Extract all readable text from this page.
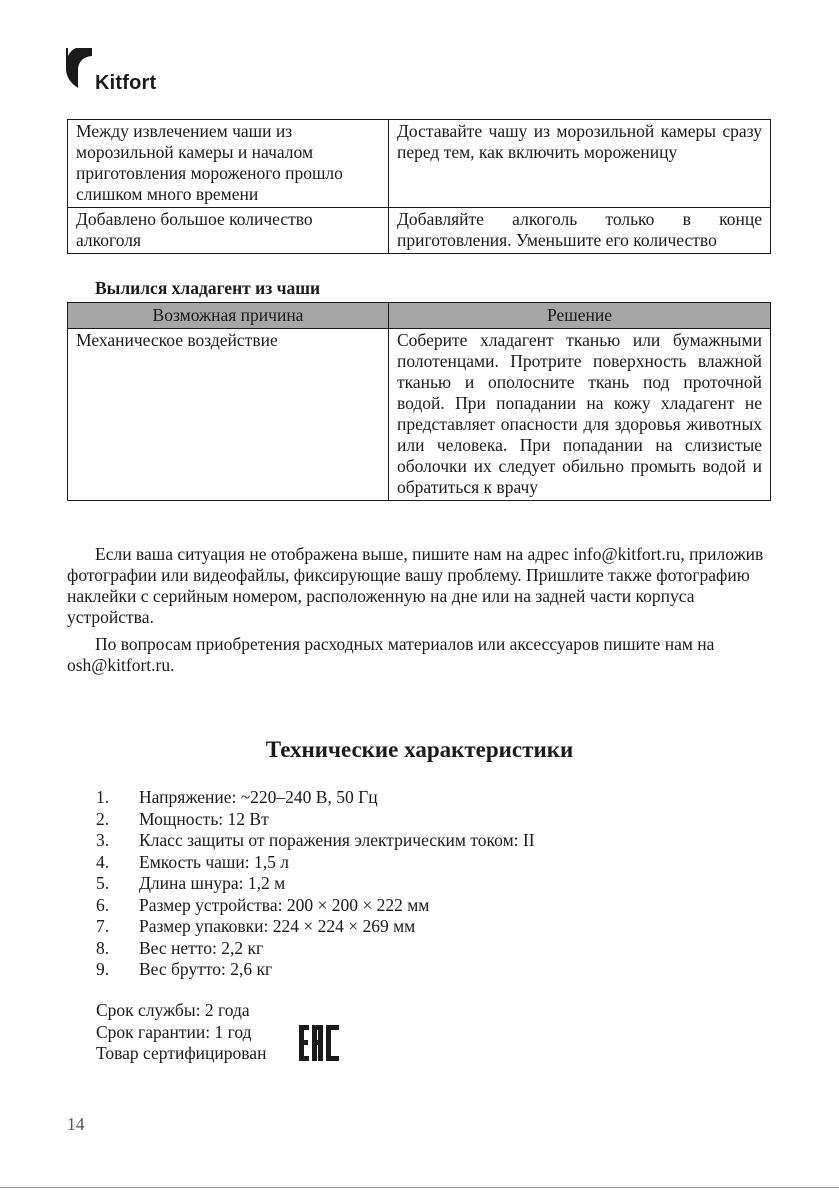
Kitfort
Между извлечением чаши из морозильной камеры и началом приготовления мороженого прошло слишком много времени	Доставайте чашу из морозильной камеры сразу перед тем, как включить мороженицу
Добавлено большое количество алкоголя	Добавляйте алкоголь только в конце приготовления. Уменьшите его количество

Вылился хладагент из чаши

Возможная причина	Решение
Механическое воздействие	Соберите хладагент тканью или бумажными полотенцами. Протрите поверхность влажной тканью и ополосните ткань под проточной водой. При попадании на кожу хладагент не представляет опасности для здоровья животных или человека. При попадании на слизистые оболочки их следует обильно промыть водой и обратиться к врачу

Если ваша ситуация не отображена выше, пишите нам на адрес info@kitfort.ru, приложив фотографии или видеофайлы, фиксирующие вашу проблему. Пришлите также фотографию наклейки с серийным номером, расположенную на дне или на задней части корпуса устройства.

По вопросам приобретения расходных материалов или аксессуаров пишите нам на osh@kitfort.ru.

Технические характеристики
1.	Напряжение: ~220–240 В, 50 Гц
2.	Мощность: 12 Вт
3.	Класс защиты от поражения электрическим током: II
4.	Емкость чаши: 1,5 л
5.	Длина шнура: 1,2 м
6.	Размер устройства: 200 × 200 × 222 мм
7.	Размер упаковки: 224 × 224 × 269 мм
8.	Вес нетто: 2,2 кг
9.	Вес брутто: 2,6 кг
Срок службы: 2 года
Срок гарантии: 1 год
Товар сертифицирован
14
